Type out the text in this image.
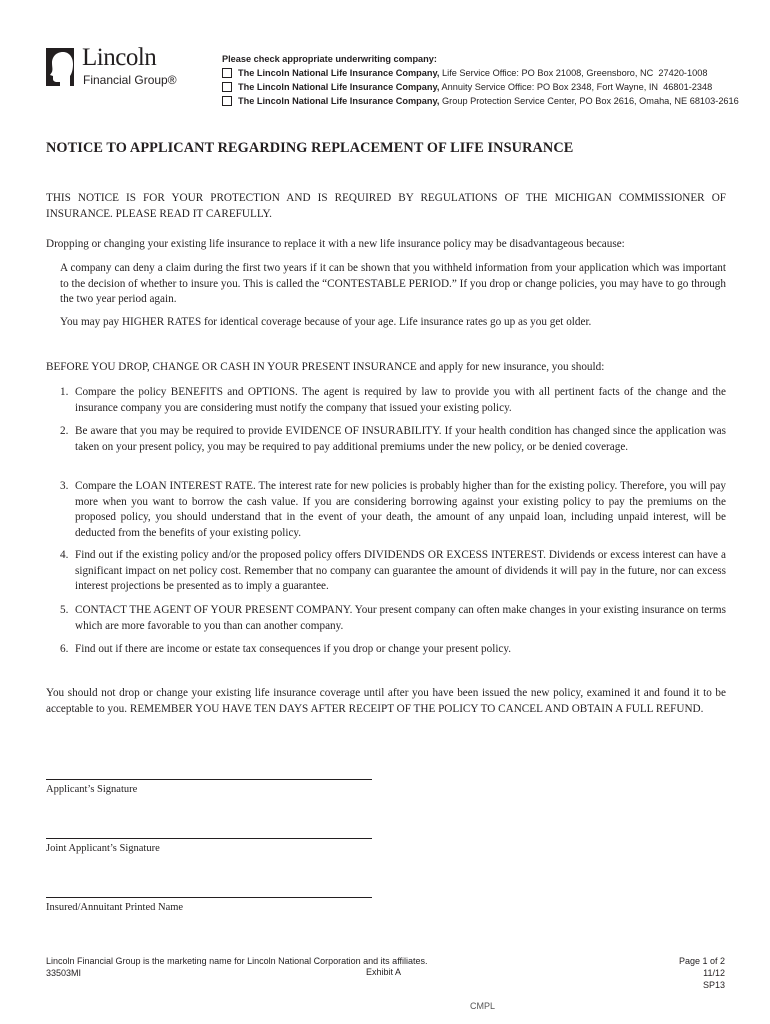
Lincoln
Financial Group®
Please check appropriate underwriting company:
The Lincoln National Life Insurance Company, Life Service Office: PO Box 21008, Greensboro, NC  27420-1008
The Lincoln National Life Insurance Company, Annuity Service Office: PO Box 2348, Fort Wayne, IN  46801-2348
The Lincoln National Life Insurance Company, Group Protection Service Center, PO Box 2616, Omaha, NE 68103-2616
NOTICE TO APPLICANT REGARDING REPLACEMENT OF LIFE INSURANCE
THIS NOTICE IS FOR YOUR PROTECTION AND IS REQUIRED BY REGULATIONS OF THE MICHIGAN COMMISSIONER OF INSURANCE. PLEASE READ IT CAREFULLY.
Dropping or changing your existing life insurance to replace it with a new life insurance policy may be disadvantageous because:
A company can deny a claim during the first two years if it can be shown that you withheld information from your application which was important to the decision of whether to insure you. This is called the “CONTESTABLE PERIOD.” If you drop or change policies, you may have to go through the two year period again.
You may pay HIGHER RATES for identical coverage because of your age. Life insurance rates go up as you get older.
BEFORE YOU DROP, CHANGE OR CASH IN YOUR PRESENT INSURANCE and apply for new insurance, you should:
1. Compare the policy BENEFITS and OPTIONS. The agent is required by law to provide you with all pertinent facts of the change and the insurance company you are considering must notify the company that issued your existing policy.
2. Be aware that you may be required to provide EVIDENCE OF INSURABILITY. If your health condition has changed since the application was taken on your present policy, you may be required to pay additional premiums under the new policy, or be denied coverage.
3. Compare the LOAN INTEREST RATE. The interest rate for new policies is probably higher than for the existing policy. Therefore, you will pay more when you want to borrow the cash value. If you are considering borrowing against your existing policy to pay the premiums on the proposed policy, you should understand that in the event of your death, the amount of any unpaid loan, including unpaid interest, will be deducted from the benefits of your existing policy.
4. Find out if the existing policy and/or the proposed policy offers DIVIDENDS OR EXCESS INTEREST. Dividends or excess interest can have a significant impact on net policy cost. Remember that no company can guarantee the amount of dividends it will pay in the future, nor can excess interest projections be presented as to imply a guarantee.
5. CONTACT THE AGENT OF YOUR PRESENT COMPANY. Your present company can often make changes in your existing insurance on terms which are more favorable to you than can another company.
6. Find out if there are income or estate tax consequences if you drop or change your present policy.
You should not drop or change your existing life insurance coverage until after you have been issued the new policy, examined it and found it to be acceptable to you. REMEMBER YOU HAVE TEN DAYS AFTER RECEIPT OF THE POLICY TO CANCEL AND OBTAIN A FULL REFUND.
Applicant’s Signature
Joint Applicant’s Signature
Insured/Annuitant Printed Name
Lincoln Financial Group is the marketing name for Lincoln National Corporation and its affiliates.
33503MI	Exhibit A
Page 1 of 2
11/12
SP13
CMPL
